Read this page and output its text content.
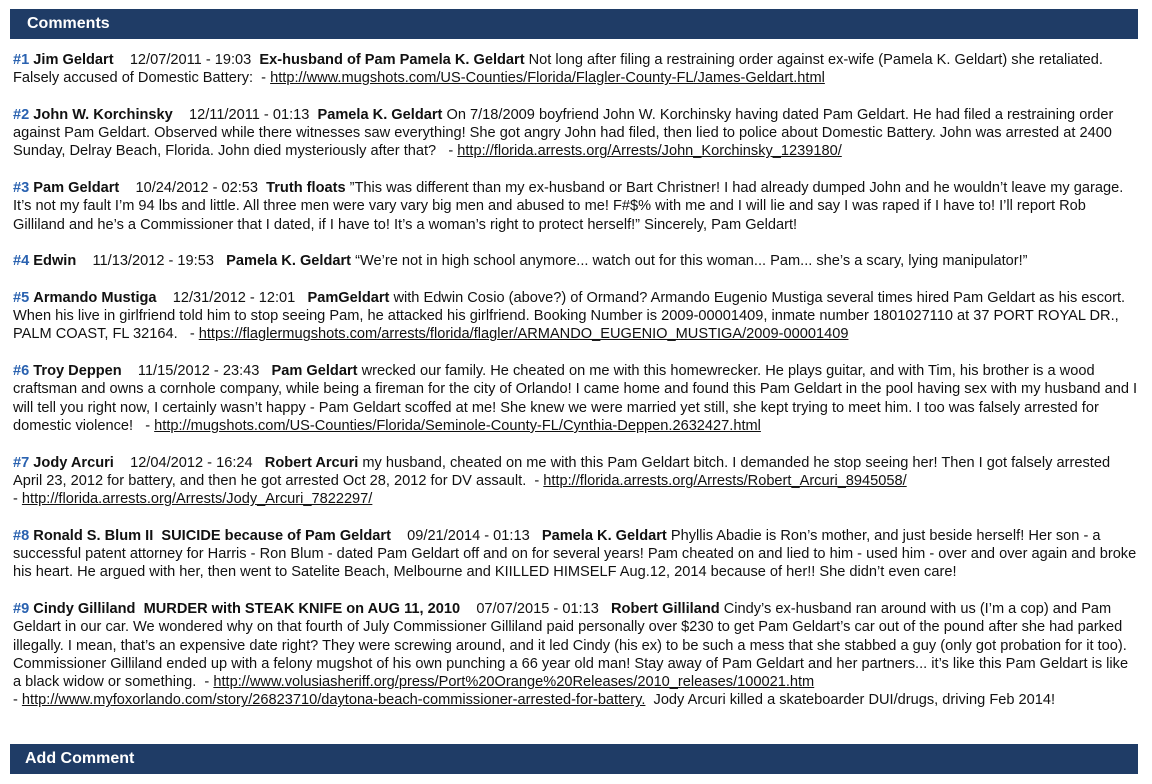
Comments
#1 Jim Geldart 12/07/2011 - 19:03 Ex-husband of Pam Pamela K. Geldart Not long after filing a restraining order against ex-wife (Pamela K. Geldart) she retaliated. Falsely accused of Domestic Battery:  - http://www.mugshots.com/US-Counties/Florida/Flagler-County-FL/James-Geldart.html
#2 John W. Korchinsky 12/11/2011 - 01:13 Pamela K. Geldart On 7/18/2009 boyfriend John W. Korchinsky having dated Pam Geldart. He had filed a restraining order against Pam Geldart. Observed while there witnesses saw everything! She got angry John had filed, then lied to police about Domestic Battery. John was arrested at 2400 Sunday, Delray Beach, Florida. John died mysteriously after that?   - http://florida.arrests.org/Arrests/John_Korchinsky_1239180/
#3 Pam Geldart 10/24/2012 - 02:53 Truth floats ”This was different than my ex-husband or Bart Christner! I had already dumped John and he wouldn’t leave my garage. It’s not my fault I’m 94 lbs and little. All three men were vary vary big men and abused to me! F#$% with me and I will lie and say I was raped if I have to! I’ll report Rob Gilliland and he’s a Commissioner that I dated, if I have to! It’s a woman’s right to protect herself!” Sincerely, Pam Geldart!
#4 Edwin 11/13/2012 - 19:53 Pamela K. Geldart “We’re not in high school anymore... watch out for this woman... Pam... she’s a scary, lying manipulator!”
#5 Armando Mustiga 12/31/2012 - 12:01 PamGeldart with Edwin Cosio (above?) of Ormand? Armando Eugenio Mustiga several times hired Pam Geldart as his escort. When his live in girlfriend told him to stop seeing Pam, he attacked his girlfriend. Booking Number is 2009-00001409, inmate number 1801027110 at 37 PORT ROYAL DR., PALM COAST, FL 32164.   - https://flaglermugshots.com/arrests/florida/flagler/ARMANDO_EUGENIO_MUSTIGA/2009-00001409
#6 Troy Deppen 11/15/2012 - 23:43 Pam Geldart wrecked our family. He cheated on me with this homewrecker. He plays guitar, and with Tim, his brother is a wood craftsman and owns a cornhole company, while being a fireman for the city of Orlando! I came home and found this Pam Geldart in the pool having sex with my husband and I will tell you right now, I certainly wasn’t happy - Pam Geldart scoffed at me! She knew we were married yet still, she kept trying to meet him. I too was falsely arrested for domestic violence!   - http://mugshots.com/US-Counties/Florida/Seminole-County-FL/Cynthia-Deppen.2632427.html
#7 Jody Arcuri 12/04/2012 - 16:24 Robert Arcuri my husband, cheated on me with this Pam Geldart bitch. I demanded he stop seeing her! Then I got falsely arrested April 23, 2012 for battery, and then he got arrested Oct 28, 2012 for DV assault.  - http://florida.arrests.org/Arrests/Robert_Arcuri_8945058/
- http://florida.arrests.org/Arrests/Jody_Arcuri_7822297/
#8 Ronald S. Blum II SUICIDE because of Pam Geldart 09/21/2014 - 01:13 Pamela K. Geldart Phyllis Abadie is Ron’s mother, and just beside herself! Her son - a successful patent attorney for Harris - Ron Blum - dated Pam Geldart off and on for several years! Pam cheated on and lied to him - used him - over and over again and broke his heart. He argued with her, then went to Satelite Beach, Melbourne and KIILLED HIMSELF Aug.12, 2014 because of her!! She didn’t even care!
#9 Cindy Gilliland MURDER with STEAK KNIFE on AUG 11, 2010 07/07/2015 - 01:13 Robert Gilliland Cindy’s ex-husband ran around with us (I’m a cop) and Pam Geldart in our car. We wondered why on that fourth of July Commissioner Gilliland paid personally over $230 to get Pam Geldart’s car out of the pound after she had parked illegally. I mean, that’s an expensive date right? They were screwing around, and it led Cindy (his ex) to be such a mess that she stabbed a guy (only got probation for it too). Commissioner Gilliland ended up with a felony mugshot of his own punching a 66 year old man! Stay away of Pam Geldart and her partners... it’s like this Pam Geldart is like a black widow or something.  - http://www.volusiasheriff.org/press/Port%20Orange%20Releases/2010_releases/100021.htm
- http://www.myfoxorlando.com/story/26823710/daytona-beach-commissioner-arrested-for-battery. Jody Arcuri killed a skateboarder DUI/drugs, driving Feb 2014!
Add Comment
